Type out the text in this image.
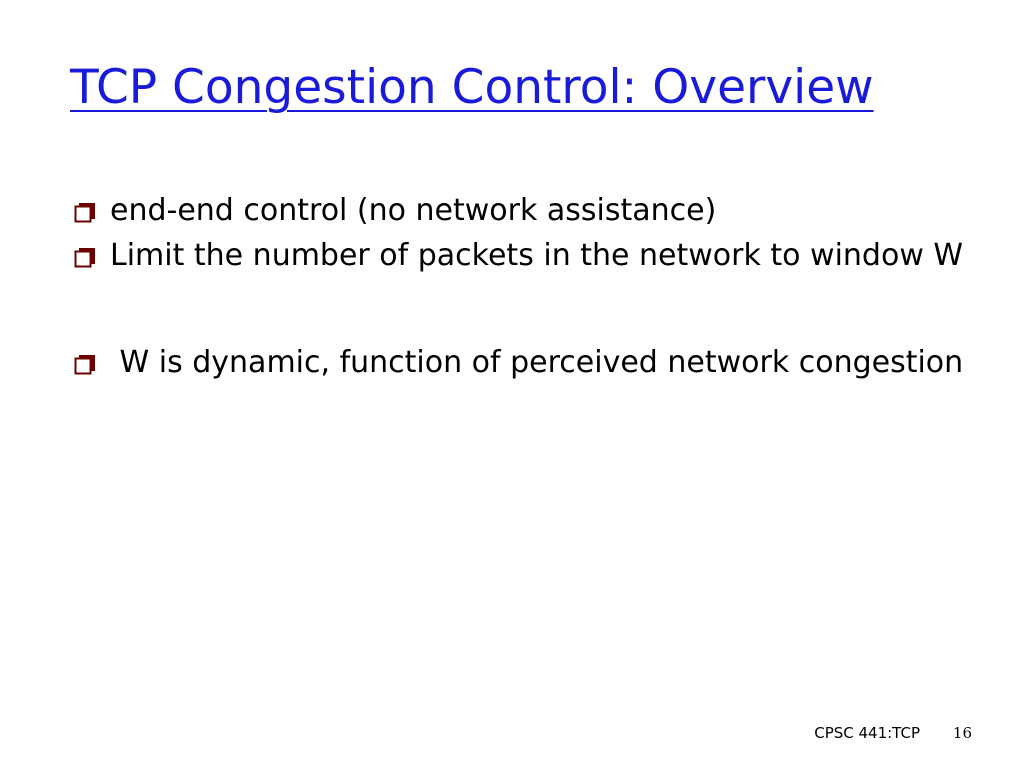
TCP Congestion Control: Overview
end-end control (no network assistance)
Limit the number of packets in the network to window W
W is dynamic, function of perceived network congestion
CPSC 441:TCP 16
